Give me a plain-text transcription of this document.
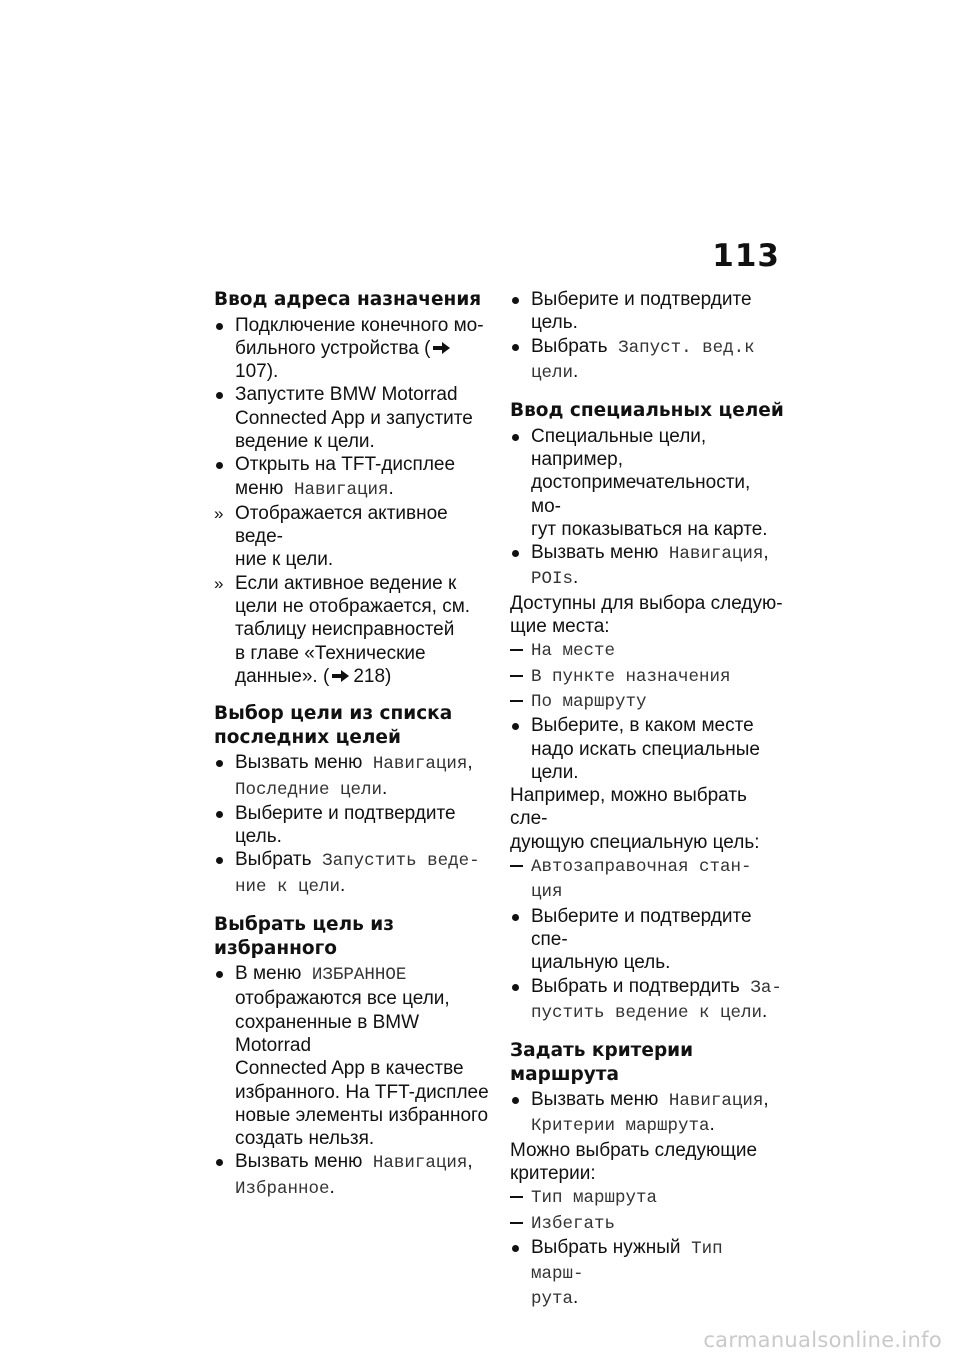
113
Ввод адреса назначения
Подключение конечного мо-
бильного устройства (
107).
Запустите BMW Motorrad
Connected App и запустите
ведение к цели.
Открыть на TFT-дисплее
меню Навигация.
» Отображается активное веде-
ние к цели.
» Если активное ведение к
цели не отображается, см.
таблицу неисправностей
в главе «Технические
данные». ( 218)
Выбор цели из списка
последних целей
Вызвать меню Навигация,
Последние цели.
Выберите и подтвердите
цель.
Выбрать Запустить веде-
ние к цели.
Выбрать цель из
избранного
В меню ИЗБРАННОЕ
отображаются все цели,
сохраненные в BMW Motorrad
Connected App в качестве
избранного. На TFT-дисплее
новые элементы избранного
создать нельзя.
Вызвать меню Навигация,
Избранное.
Выберите и подтвердите
цель.
Выбрать Запуст. вед.к
цели.
Ввод специальных целей
Специальные цели, например,
достопримечательности, мо-
гут показываться на карте.
Вызвать меню Навигация,
POIs.

Доступны для выбора следую-
щие места:

На месте
В пункте назначения
По маршруту
Выберите, в каком месте
надо искать специальные
цели.

Например, можно выбрать сле-
дующую специальную цель:

Автозаправочная стан-
ция
Выберите и подтвердите спе-
циальную цель.
Выбрать и подтвердить За-
пустить ведение к цели.
Задать критерии маршрута
Вызвать меню Навигация,
Критерии маршрута.

Можно выбрать следующие
критерии:

Тип маршрута
Избегать
Выбрать нужный Тип марш-
рута.
carmanualsonline.info
